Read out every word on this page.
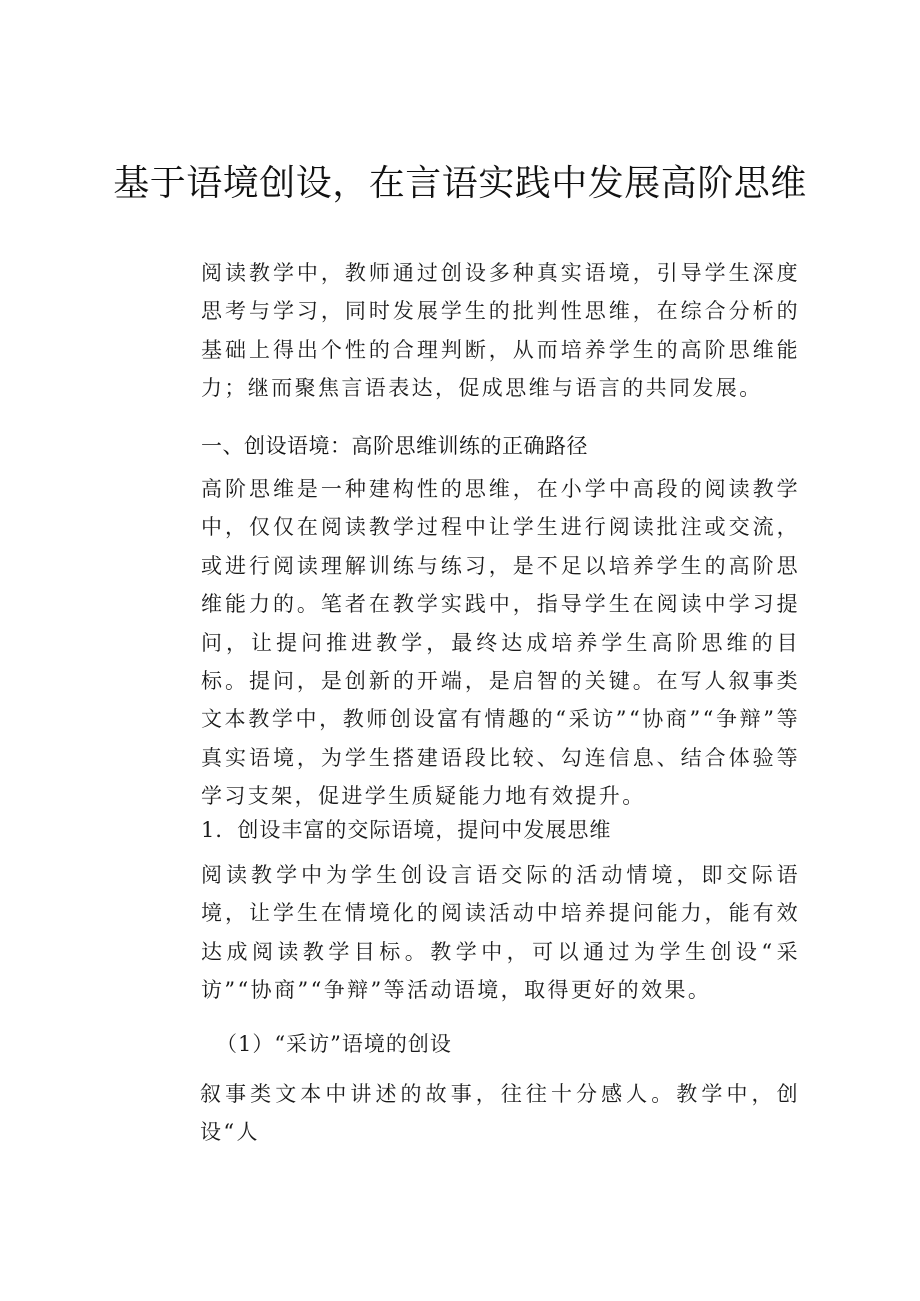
基于语境创设，在言语实践中发展高阶思维
阅读教学中，教师通过创设多种真实语境，引导学生深度思考与学习，同时发展学生的批判性思维，在综合分析的基础上得出个性的合理判断，从而培养学生的高阶思维能力；继而聚焦言语表达，促成思维与语言的共同发展。
一、创设语境：高阶思维训练的正确路径
高阶思维是一种建构性的思维，在小学中高段的阅读教学中，仅仅在阅读教学过程中让学生进行阅读批注或交流，或进行阅读理解训练与练习，是不足以培养学生的高阶思维能力的。笔者在教学实践中，指导学生在阅读中学习提问，让提问推进教学，最终达成培养学生高阶思维的目标。提问，是创新的开端，是启智的关键。在写人叙事类文本教学中，教师创设富有情趣的“采访”“协商”“争辩”等真实语境，为学生搭建语段比较、勾连信息、结合体验等学习支架，促进学生质疑能力地有效提升。
1．创设丰富的交际语境，提问中发展思维
阅读教学中为学生创设言语交际的活动情境，即交际语境，让学生在情境化的阅读活动中培养提问能力，能有效达成阅读教学目标。教学中，可以通过为学生创设“采访”“协商”“争辩”等活动语境，取得更好的效果。
（1）“采访”语境的创设
叙事类文本中讲述的故事，往往十分感人。教学中，创设“人
